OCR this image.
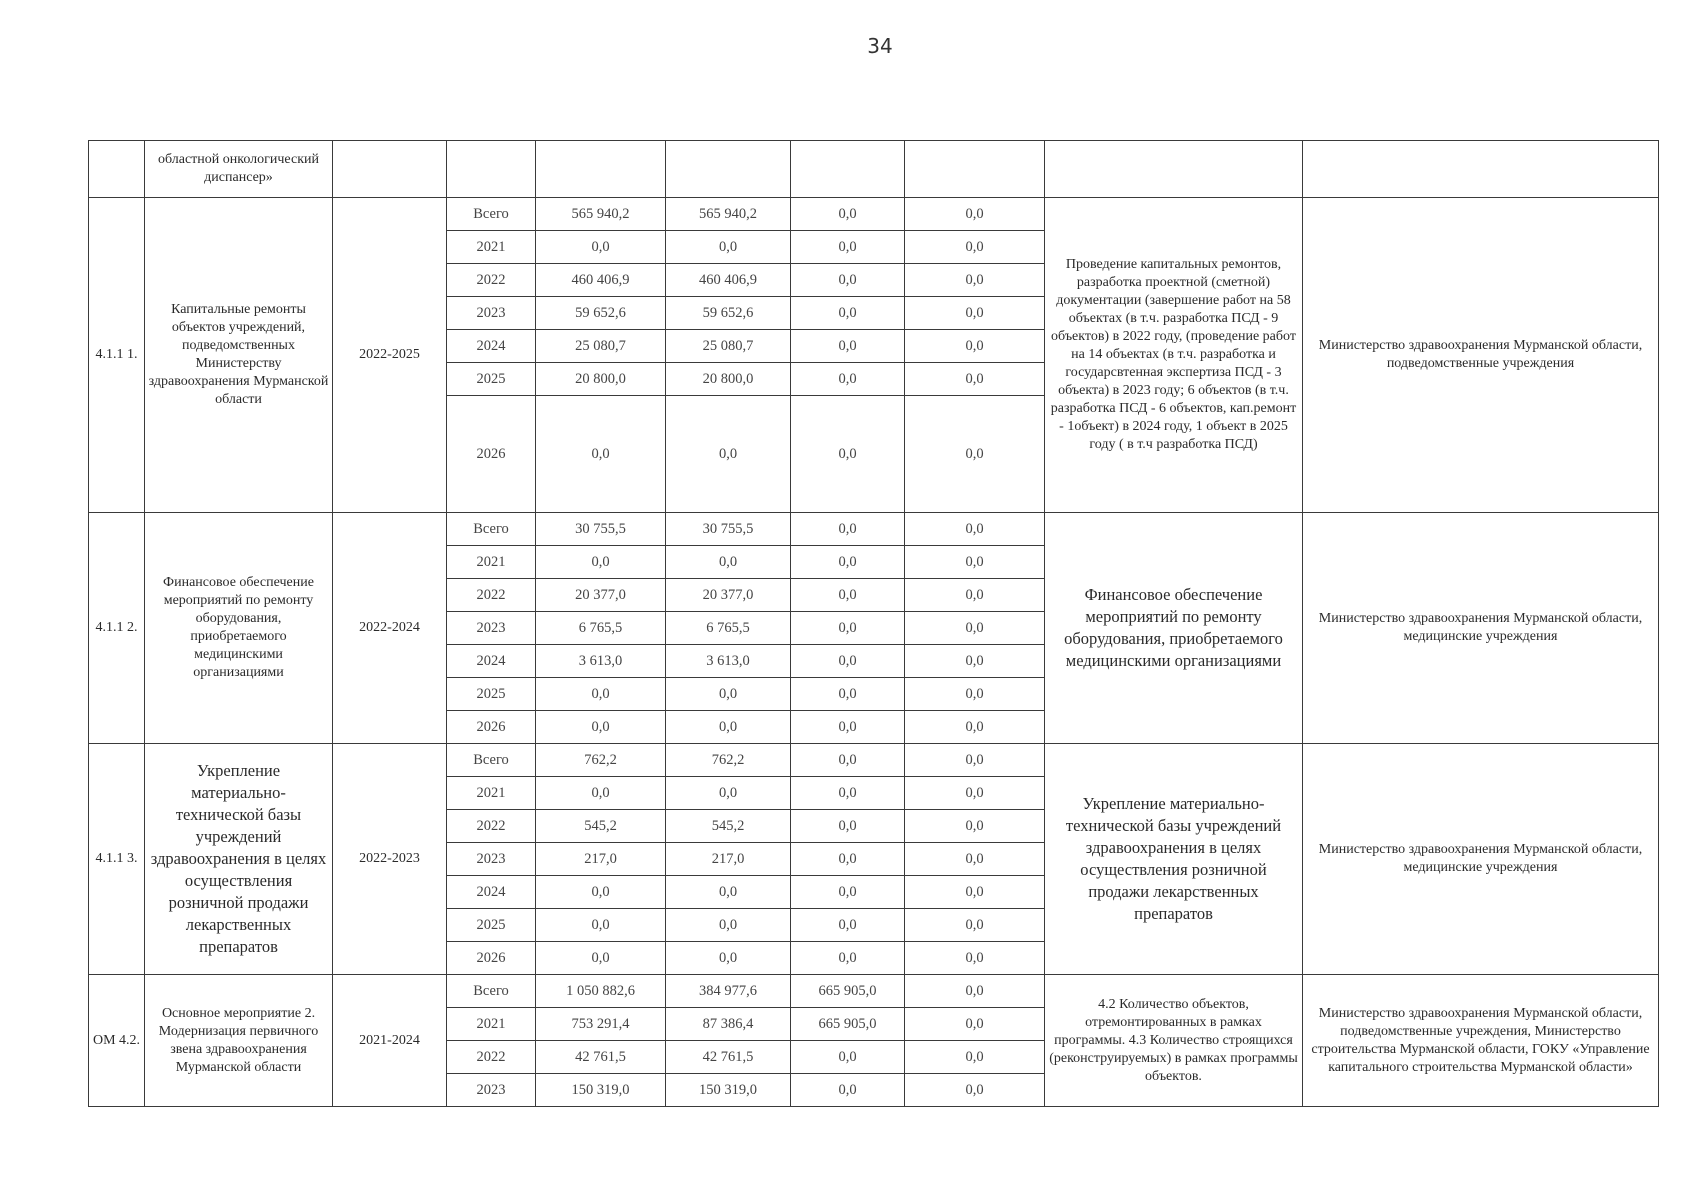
34
	областной онкологический диспансер»								
4.1.1 1.	Капитальные ремонты объектов учреждений, подведомственных Министерству здравоохранения Мурманской области	2022-2025	Всего	565 940,2	565 940,2	0,0	0,0	Проведение капитальных ремонтов, разработка проектной (сметной) документации (завершение работ на 58 объектах (в т.ч. разработка ПСД - 9 объектов) в 2022 году, (проведение работ на 14 объектах (в т.ч. разработка и государсвтенная экспертиза ПСД - 3 объекта) в 2023 году; 6 объектов (в т.ч. разработка ПСД - 6 объектов, кап.ремонт - 1объект) в 2024 году, 1 объект в 2025 году ( в т.ч разработка ПСД)	Министерство здравоохранения Мурманской области, подведомственные учреждения
			2021	0,0	0,0	0,0	0,0		
			2022	460 406,9	460 406,9	0,0	0,0		
			2023	59 652,6	59 652,6	0,0	0,0		
			2024	25 080,7	25 080,7	0,0	0,0		
			2025	20 800,0	20 800,0	0,0	0,0		
			2026	0,0	0,0	0,0	0,0		
4.1.1 2.	Финансовое обеспечение мероприятий по ремонту оборудования, приобретаемого медицинскими организациями	2022-2024	Всего	30 755,5	30 755,5	0,0	0,0	Финансовое обеспечение мероприятий по ремонту оборудования, приобретаемого медицинскими организациями	Министерство здравоохранения Мурманской области, медицинские учреждения
			2021	0,0	0,0	0,0	0,0		
			2022	20 377,0	20 377,0	0,0	0,0		
			2023	6 765,5	6 765,5	0,0	0,0		
			2024	3 613,0	3 613,0	0,0	0,0		
			2025	0,0	0,0	0,0	0,0		
			2026	0,0	0,0	0,0	0,0		
4.1.1 3.	Укрепление материально-технической базы учреждений здравоохранения в целях осуществления розничной продажи лекарственных препаратов	2022-2023	Всего	762,2	762,2	0,0	0,0	Укрепление материально-технической базы учреждений здравоохранения в целях осуществления розничной продажи лекарственных препаратов	Министерство здравоохранения Мурманской области, медицинские учреждения
			2021	0,0	0,0	0,0	0,0		
			2022	545,2	545,2	0,0	0,0		
			2023	217,0	217,0	0,0	0,0		
			2024	0,0	0,0	0,0	0,0		
			2025	0,0	0,0	0,0	0,0		
			2026	0,0	0,0	0,0	0,0		
ОМ 4.2.	Основное мероприятие 2. Модернизация первичного звена здравоохранения Мурманской области	2021-2024	Всего	1 050 882,6	384 977,6	665 905,0	0,0	4.2 Количество объектов, отремонтированных в рамках программы. 4.3 Количество строящихся (реконструируемых) в рамках программы объектов.	Министерство здравоохранения Мурманской области, подведомственные учреждения, Министерство строительства Мурманской области, ГОКУ «Управление капитального строительства Мурманской области»
			2021	753 291,4	87 386,4	665 905,0	0,0		
			2022	42 761,5	42 761,5	0,0	0,0		
			2023	150 319,0	150 319,0	0,0	0,0		
